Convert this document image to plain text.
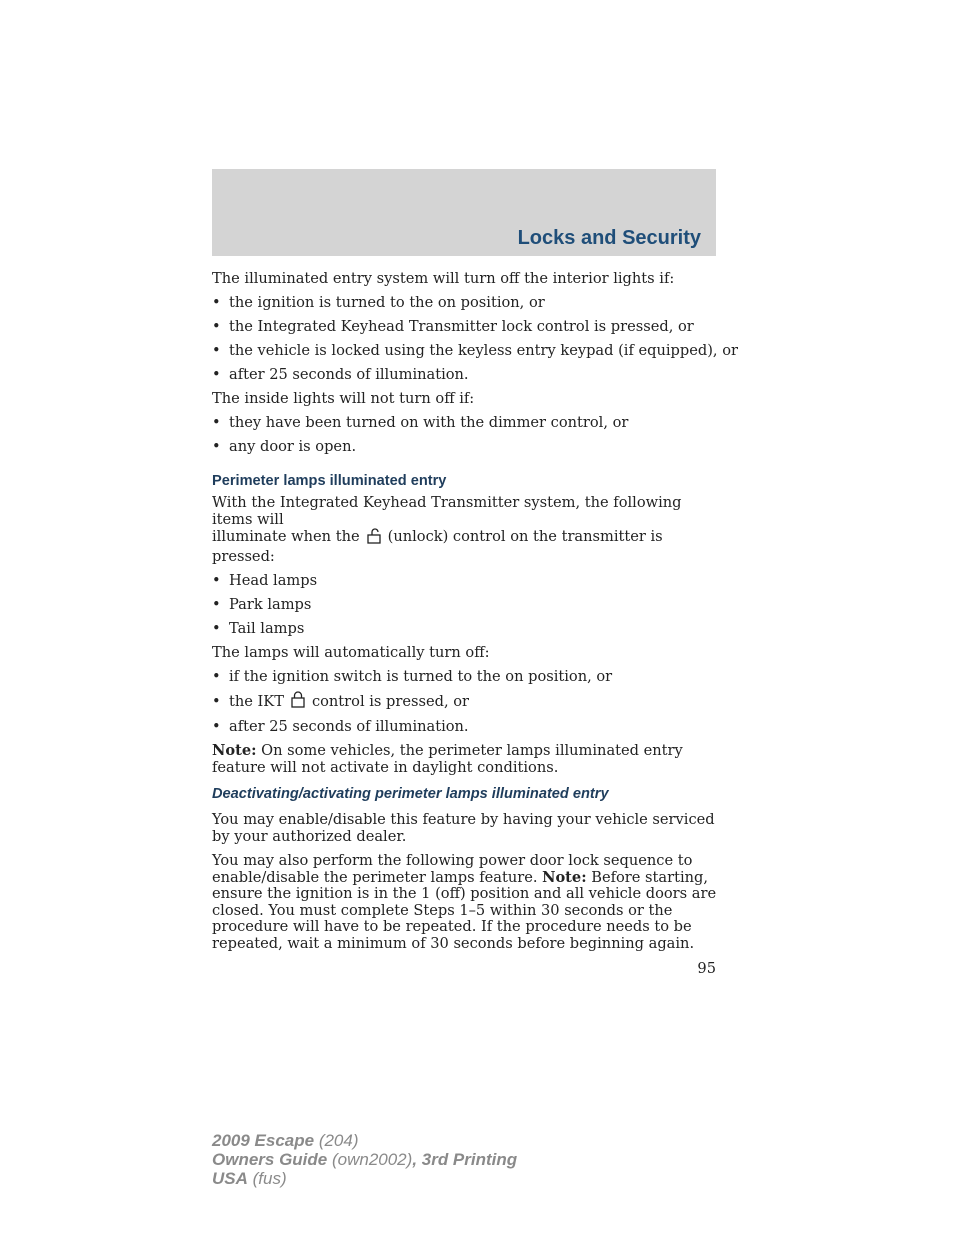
Locks and Security
The illuminated entry system will turn off the interior lights if:
• the ignition is turned to the on position, or
• the Integrated Keyhead Transmitter lock control is pressed, or
• the vehicle is locked using the keyless entry keypad (if equipped), or
• after 25 seconds of illumination.
The inside lights will not turn off if:
• they have been turned on with the dimmer control, or
• any door is open.
Perimeter lamps illuminated entry

With the Integrated Keyhead Transmitter system, the following items will
illuminate when the (unlock) control on the transmitter is pressed:

• Head lamps
• Park lamps
• Tail lamps
The lamps will automatically turn off:
• if the ignition switch is turned to the on position, or
• the IKT control is pressed, or
• after 25 seconds of illumination.

Note: On some vehicles, the perimeter lamps illuminated entry feature will not activate in daylight conditions.

Deactivating/activating perimeter lamps illuminated entry

You may enable/disable this feature by having your vehicle serviced by your authorized dealer.

You may also perform the following power door lock sequence to enable/disable the perimeter lamps feature. Note: Before starting, ensure the ignition is in the 1 (off) position and all vehicle doors are closed. You must complete Steps 1–5 within 30 seconds or the procedure will have to be repeated. If the procedure needs to be repeated, wait a minimum of 30 seconds before beginning again.

95
2009 Escape (204)
Owners Guide (own2002), 3rd Printing
USA (fus)
